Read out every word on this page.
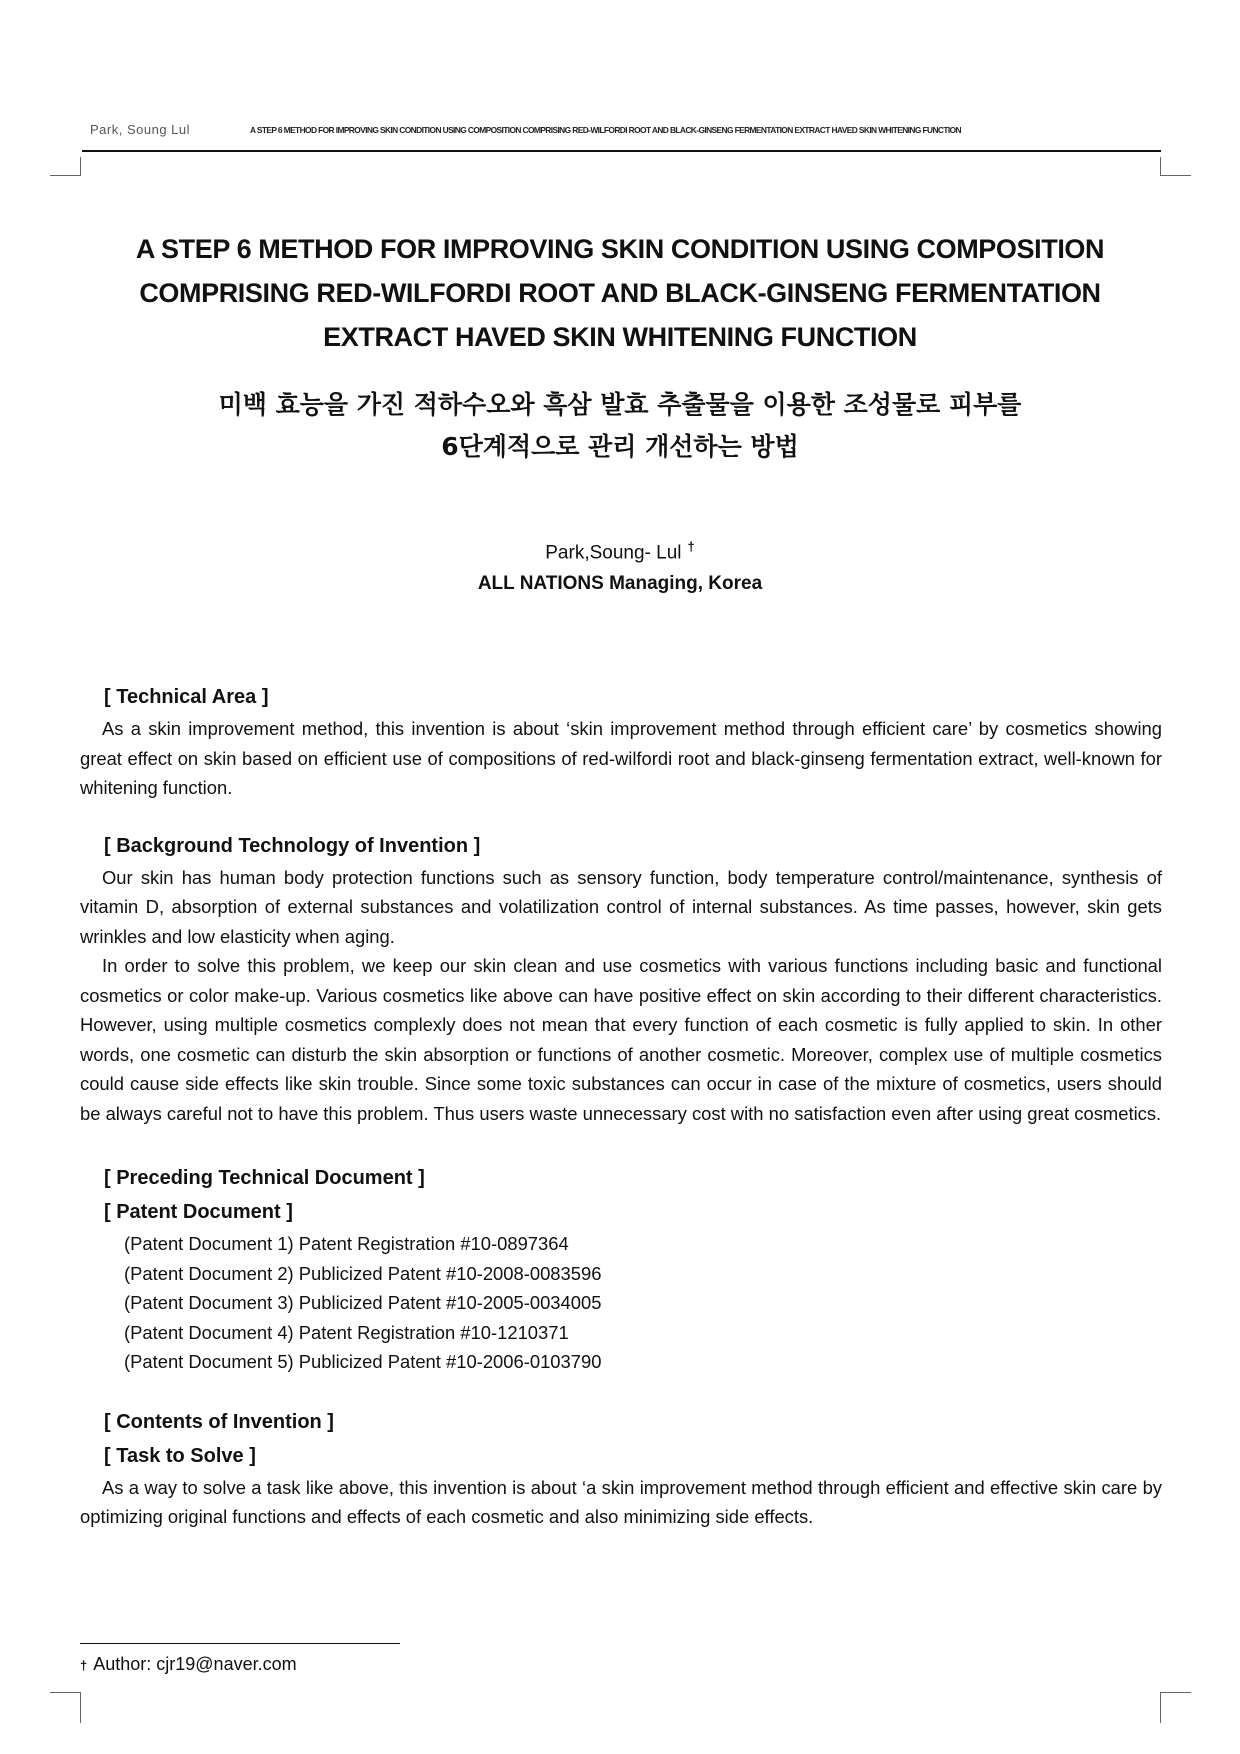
Park, Soung Lul	A STEP 6 METHOD FOR IMPROVING SKIN CONDITION USING COMPOSITION COMPRISING RED-WILFORDI ROOT AND BLACK-GINSENG FERMENTATION EXTRACT HAVED SKIN WHITENING FUNCTION
A STEP 6 METHOD FOR IMPROVING SKIN CONDITION USING COMPOSITION
COMPRISING RED-WILFORDI ROOT AND BLACK-GINSENG FERMENTATION
EXTRACT HAVED SKIN WHITENING FUNCTION
미백 효능을 가진 적하수오와 흑삼 발효 추출물을 이용한 조성물로 피부를
6단계적으로 관리 개선하는 방법
Park,Soung- Lul †
ALL NATIONS Managing, Korea
[ Technical Area ]

As a skin improvement method, this invention is about ‘skin improvement method through efficient care’ by cosmetics showing great effect on skin based on efficient use of compositions of red-wilfordi root and black-ginseng fermentation extract, well-known for whitening function.

[ Background Technology of Invention ]

Our skin has human body protection functions such as sensory function, body temperature control/maintenance, synthesis of vitamin D, absorption of external substances and volatilization control of internal substances. As time passes, however, skin gets wrinkles and low elasticity when aging.

In order to solve this problem, we keep our skin clean and use cosmetics with various functions including basic and functional cosmetics or color make-up. Various cosmetics like above can have positive effect on skin according to their different characteristics. However, using multiple cosmetics complexly does not mean that every function of each cosmetic is fully applied to skin. In other words, one cosmetic can disturb the skin absorption or functions of another cosmetic. Moreover, complex use of multiple cosmetics could cause side effects like skin trouble. Since some toxic substances can occur in case of the mixture of cosmetics, users should be always careful not to have this problem. Thus users waste unnecessary cost with no satisfaction even after using great cosmetics.

[ Preceding Technical Document ]
[ Patent Document ]
(Patent Document 1) Patent Registration #10-0897364
(Patent Document 2) Publicized Patent #10-2008-0083596
(Patent Document 3) Publicized Patent #10-2005-0034005
(Patent Document 4) Patent Registration #10-1210371
(Patent Document 5) Publicized Patent #10-2006-0103790
[ Contents of Invention ]
[ Task to Solve ]

As a way to solve a task like above, this invention is about ‘a skin improvement method through efficient and effective skin care by optimizing original functions and effects of each cosmetic and also minimizing side effects.

† Author: cjr19@naver.com
